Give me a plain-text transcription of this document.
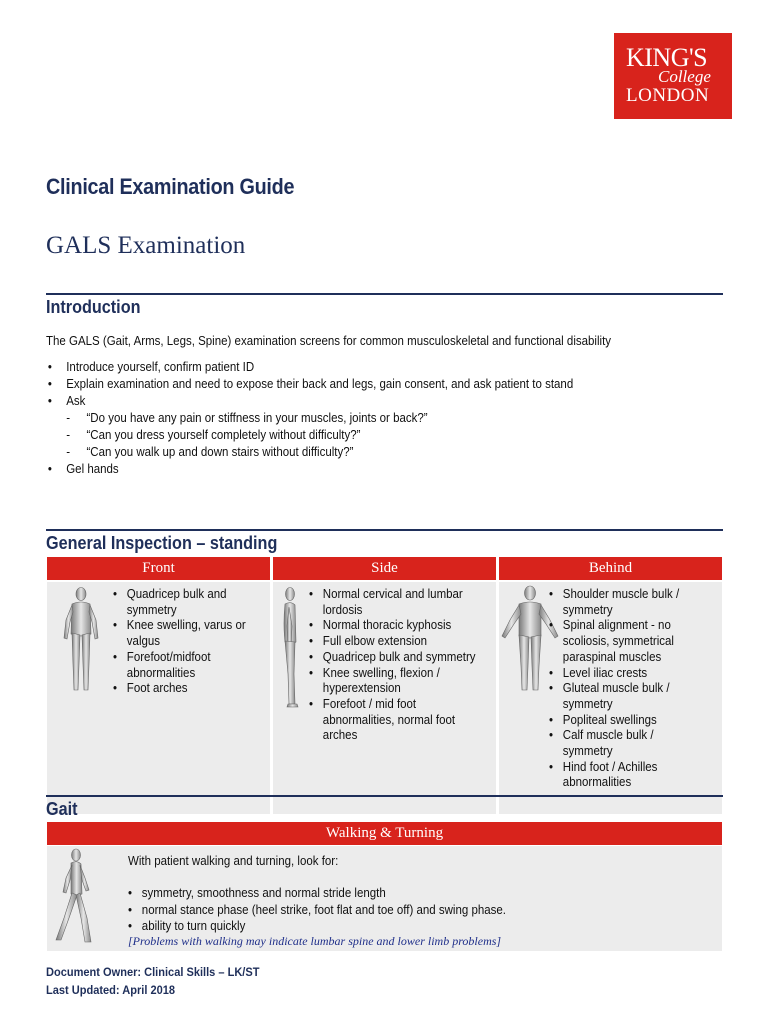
KING'S
College
LONDON
Clinical Examination Guide
GALS Examination
Introduction
The GALS (Gait, Arms, Legs, Spine) examination screens for common musculoskeletal and functional disability
• Introduce yourself, confirm patient ID
• Explain examination and need to expose their back and legs, gain consent, and ask patient to stand
• Ask
- “Do you have any pain or stiffness in your muscles, joints or back?”
- “Can you dress yourself completely without difficulty?”
- “Can you walk up and down stairs without difficulty?”
• Gel hands
General Inspection – standing
Front
• Quadricep bulk and symmetry
• Knee swelling, varus or valgus
• Forefoot/midfoot abnormalities
• Foot arches
Side
• Normal cervical and lumbar lordosis
• Normal thoracic kyphosis
• Full elbow extension
• Quadricep bulk and symmetry
• Knee swelling, flexion / hyperextension
• Forefoot / mid foot abnormalities, normal foot arches
Behind
• Shoulder muscle bulk / symmetry
• Spinal alignment - no scoliosis, symmetrical paraspinal muscles
• Level iliac crests
• Gluteal muscle bulk / symmetry
• Popliteal swellings
• Calf muscle bulk / symmetry
• Hind foot / Achilles abnormalities
Gait
Walking & Turning
With patient walking and turning, look for:
• symmetry, smoothness and normal stride length
• normal stance phase (heel strike, foot flat and toe off) and swing phase.
• ability to turn quickly
[Problems with walking may indicate lumbar spine and lower limb problems]
Document Owner: Clinical Skills – LK/ST
Last Updated: April 2018
